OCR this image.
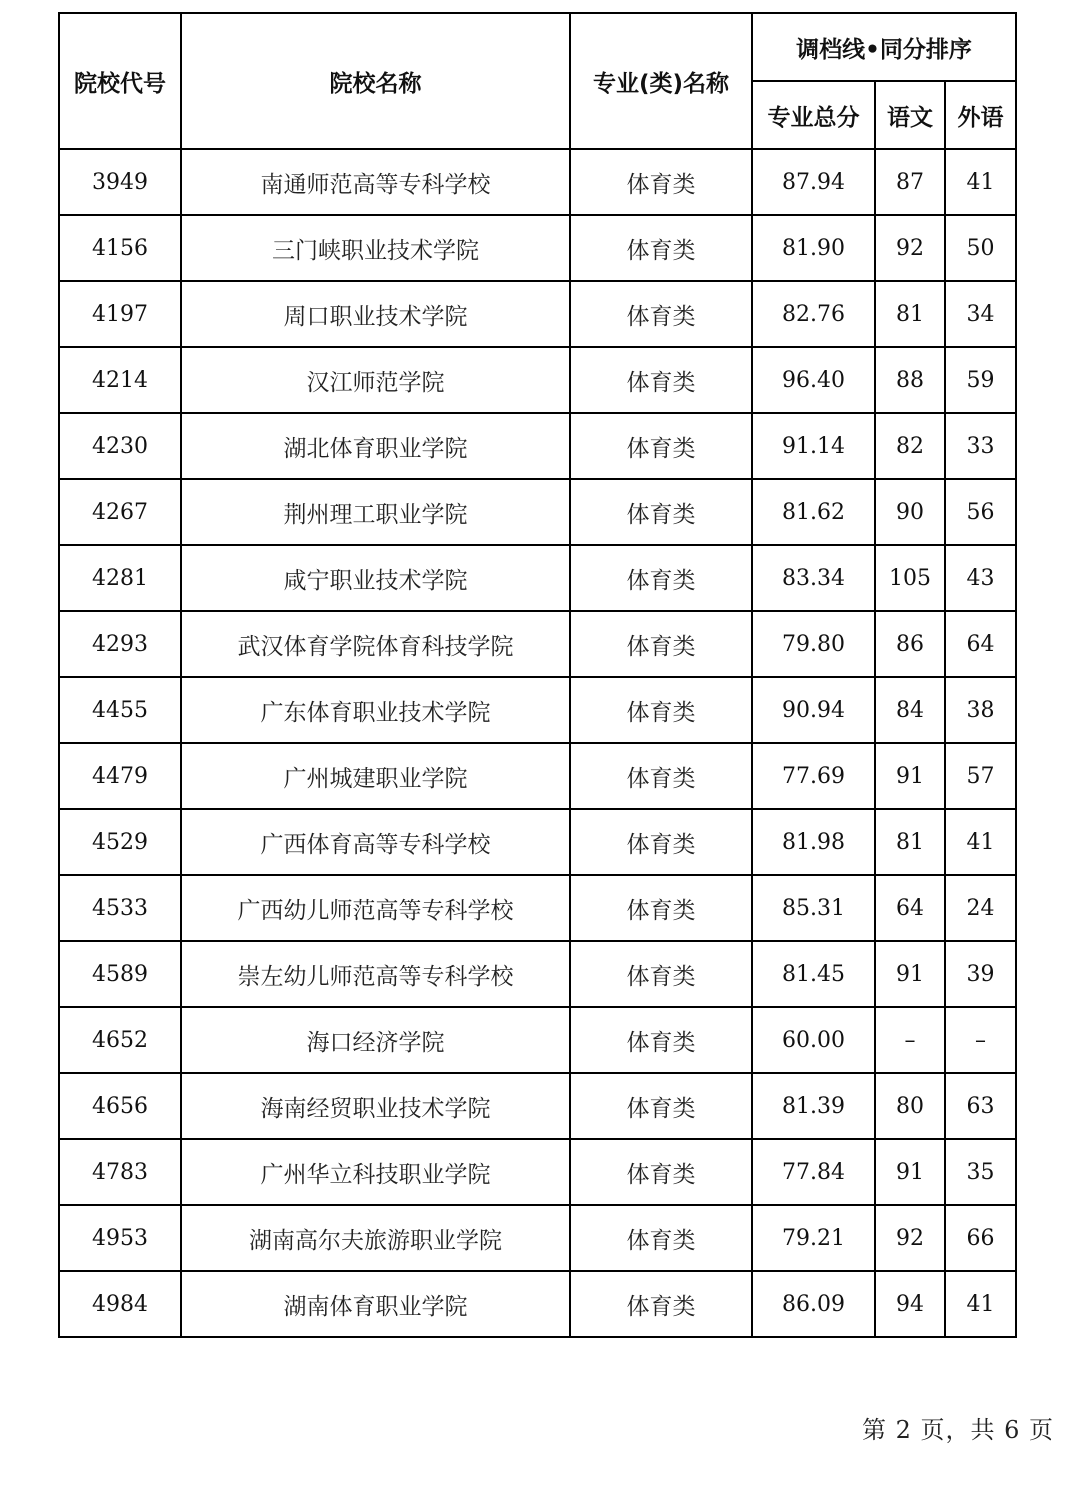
院校代号	院校名称	专业(类)名称	调档线•同分排序		
			专业总分	语文	外语
3949	南通师范高等专科学校	体育类	87.94	87	41
4156	三门峡职业技术学院	体育类	81.90	92	50
4197	周口职业技术学院	体育类	82.76	81	34
4214	汉江师范学院	体育类	96.40	88	59
4230	湖北体育职业学院	体育类	91.14	82	33
4267	荆州理工职业学院	体育类	81.62	90	56
4281	咸宁职业技术学院	体育类	83.34	105	43
4293	武汉体育学院体育科技学院	体育类	79.80	86	64
4455	广东体育职业技术学院	体育类	90.94	84	38
4479	广州城建职业学院	体育类	77.69	91	57
4529	广西体育高等专科学校	体育类	81.98	81	41
4533	广西幼儿师范高等专科学校	体育类	85.31	64	24
4589	崇左幼儿师范高等专科学校	体育类	81.45	91	39
4652	海口经济学院	体育类	60.00	–	–
4656	海南经贸职业技术学院	体育类	81.39	80	63
4783	广州华立科技职业学院	体育类	77.84	91	35
4953	湖南高尔夫旅游职业学院	体育类	79.21	92	66
4984	湖南体育职业学院	体育类	86.09	94	41
第 2 页，共 6 页
